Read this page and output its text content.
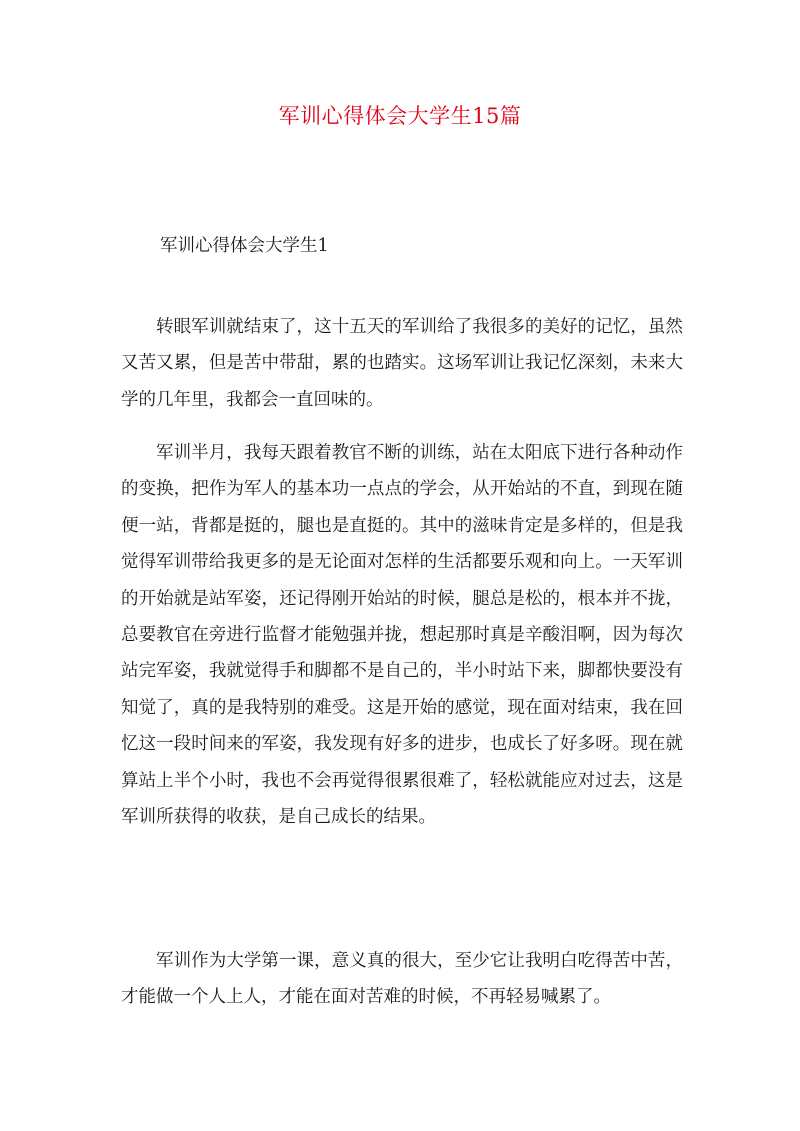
军训心得体会大学生15篇
军训心得体会大学生1

转眼军训就结束了，这十五天的军训给了我很多的美好的记忆，虽然又苦又累，但是苦中带甜，累的也踏实。这场军训让我记忆深刻，未来大学的几年里，我都会一直回味的。

军训半月，我每天跟着教官不断的训练，站在太阳底下进行各种动作的变换，把作为军人的基本功一点点的学会，从开始站的不直，到现在随便一站，背都是挺的，腿也是直挺的。其中的滋味肯定是多样的，但是我觉得军训带给我更多的是无论面对怎样的生活都要乐观和向上。一天军训的开始就是站军姿，还记得刚开始站的时候，腿总是松的，根本并不拢，总要教官在旁进行监督才能勉强并拢，想起那时真是辛酸泪啊，因为每次站完军姿，我就觉得手和脚都不是自己的，半小时站下来，脚都快要没有知觉了，真的是我特别的难受。这是开始的感觉，现在面对结束，我在回忆这一段时间来的军姿，我发现有好多的进步，也成长了好多呀。现在就算站上半个小时，我也不会再觉得很累很难了，轻松就能应对过去，这是军训所获得的收获，是自己成长的结果。

军训作为大学第一课，意义真的很大，至少它让我明白吃得苦中苦，才能做一个人上人，才能在面对苦难的时候，不再轻易喊累了。
